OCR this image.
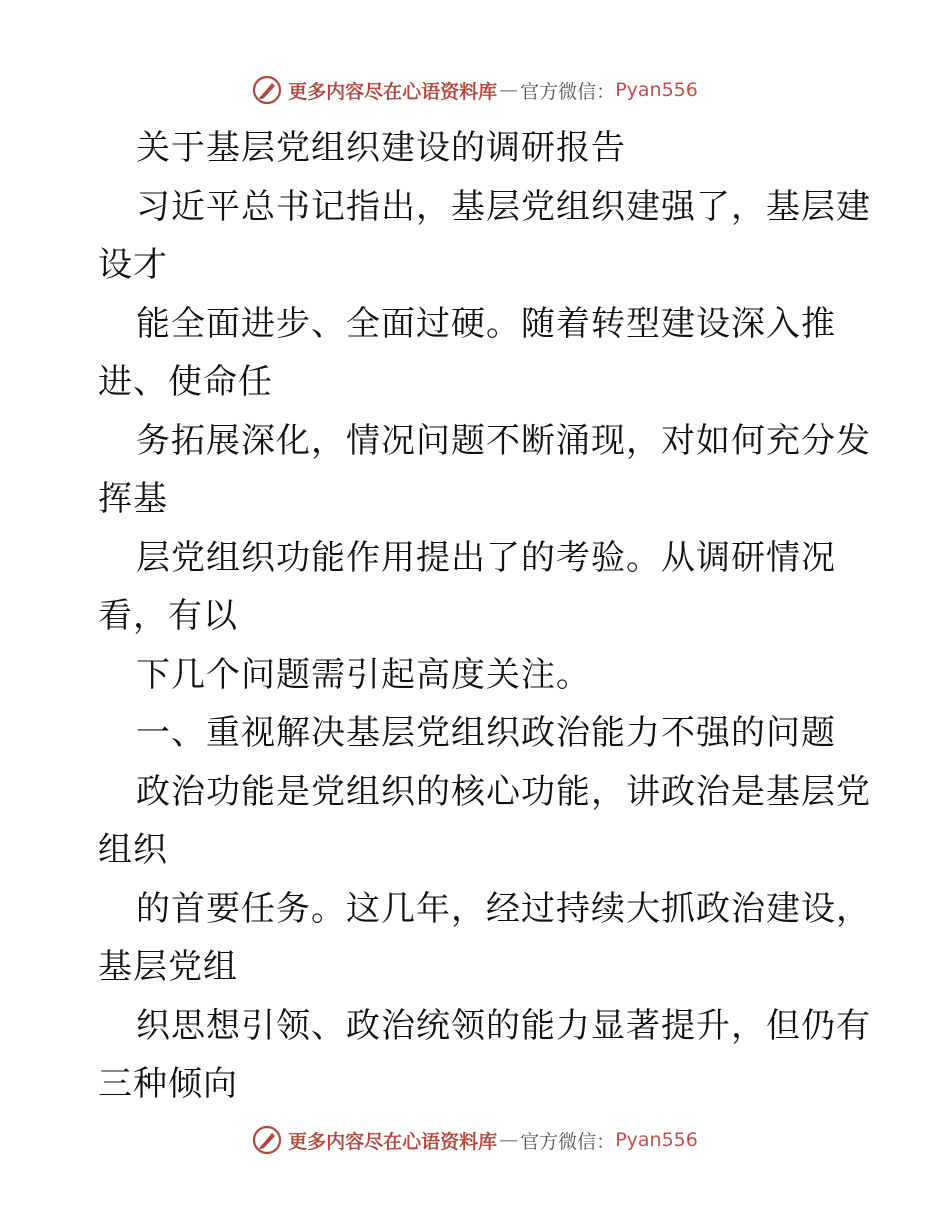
更多内容尽在心语资料库 — 官方微信： Pyan556
关于基层党组织建设的调研报告
习近平总书记指出，基层党组织建强了，基层建
设才
能全面进步、全面过硬。随着转型建设深入推
进、使命任
务拓展深化，情况问题不断涌现，对如何充分发
挥基
层党组织功能作用提出了的考验。从调研情况
看，有以
下几个问题需引起高度关注。
一、重视解决基层党组织政治能力不强的问题
政治功能是党组织的核心功能，讲政治是基层党
组织
的首要任务。这几年，经过持续大抓政治建设，
基层党组
织思想引领、政治统领的能力显著提升，但仍有
三种倾向
更多内容尽在心语资料库 — 官方微信： Pyan556
